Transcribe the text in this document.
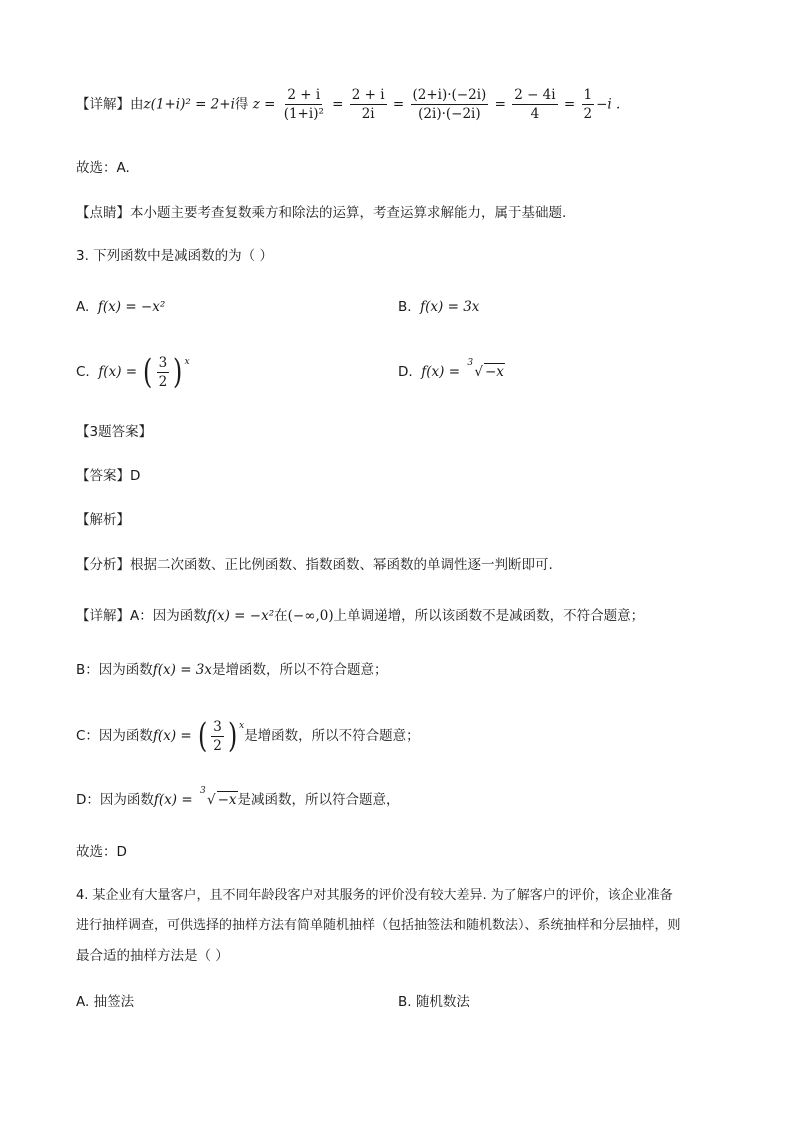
【详解】由z(1+i)² = 2+i得 $z = \frac{2 + i}{\text{(1+i)²}} = \frac{2 + i}{2i} = \frac{(2+i)\cdot(-2i)}{(2i)\cdot(-2i)} = \frac{2 - 4i}{4} = \frac{1}{2} -i$ .
故选：A.
【点睛】本小题主要考查复数乘方和除法的运算，考查运算求解能力，属于基础题.
3. 下列函数中是减函数的为（ ）
A. f(x) = −x²	B. f(x) = 3x
C. f(x) = ( $\frac{3}{2} )^x$
D. f(x) =
3
√ −x
【3题答案】
【答案】D
【解析】
【分析】根据二次函数、正比例函数、指数函数、幂函数的单调性逐一判断即可.
【详解】A：因为函数f(x) = −x²在(−∞,0)上单调递增，所以该函数不是减函数，不符合题意；
B：因为函数f(x) = 3x是增函数，所以不符合题意；
C：因为函数f(x) = ( $\frac{3}{2} )^x$
是增函数，所以不符合题意；
D：因为函数f(x) =
3
√ −x是减函数，所以符合题意，
故选：D
4. 某企业有大量客户，且不同年龄段客户对其服务的评价没有较大差异. 为了解客户的评价，该企业准备
进行抽样调查，可供选择的抽样方法有简单随机抽样（包括抽签法和随机数法）、系统抽样和分层抽样，则
最合适的抽样方法是（ ）
A. 抽签法	B. 随机数法
